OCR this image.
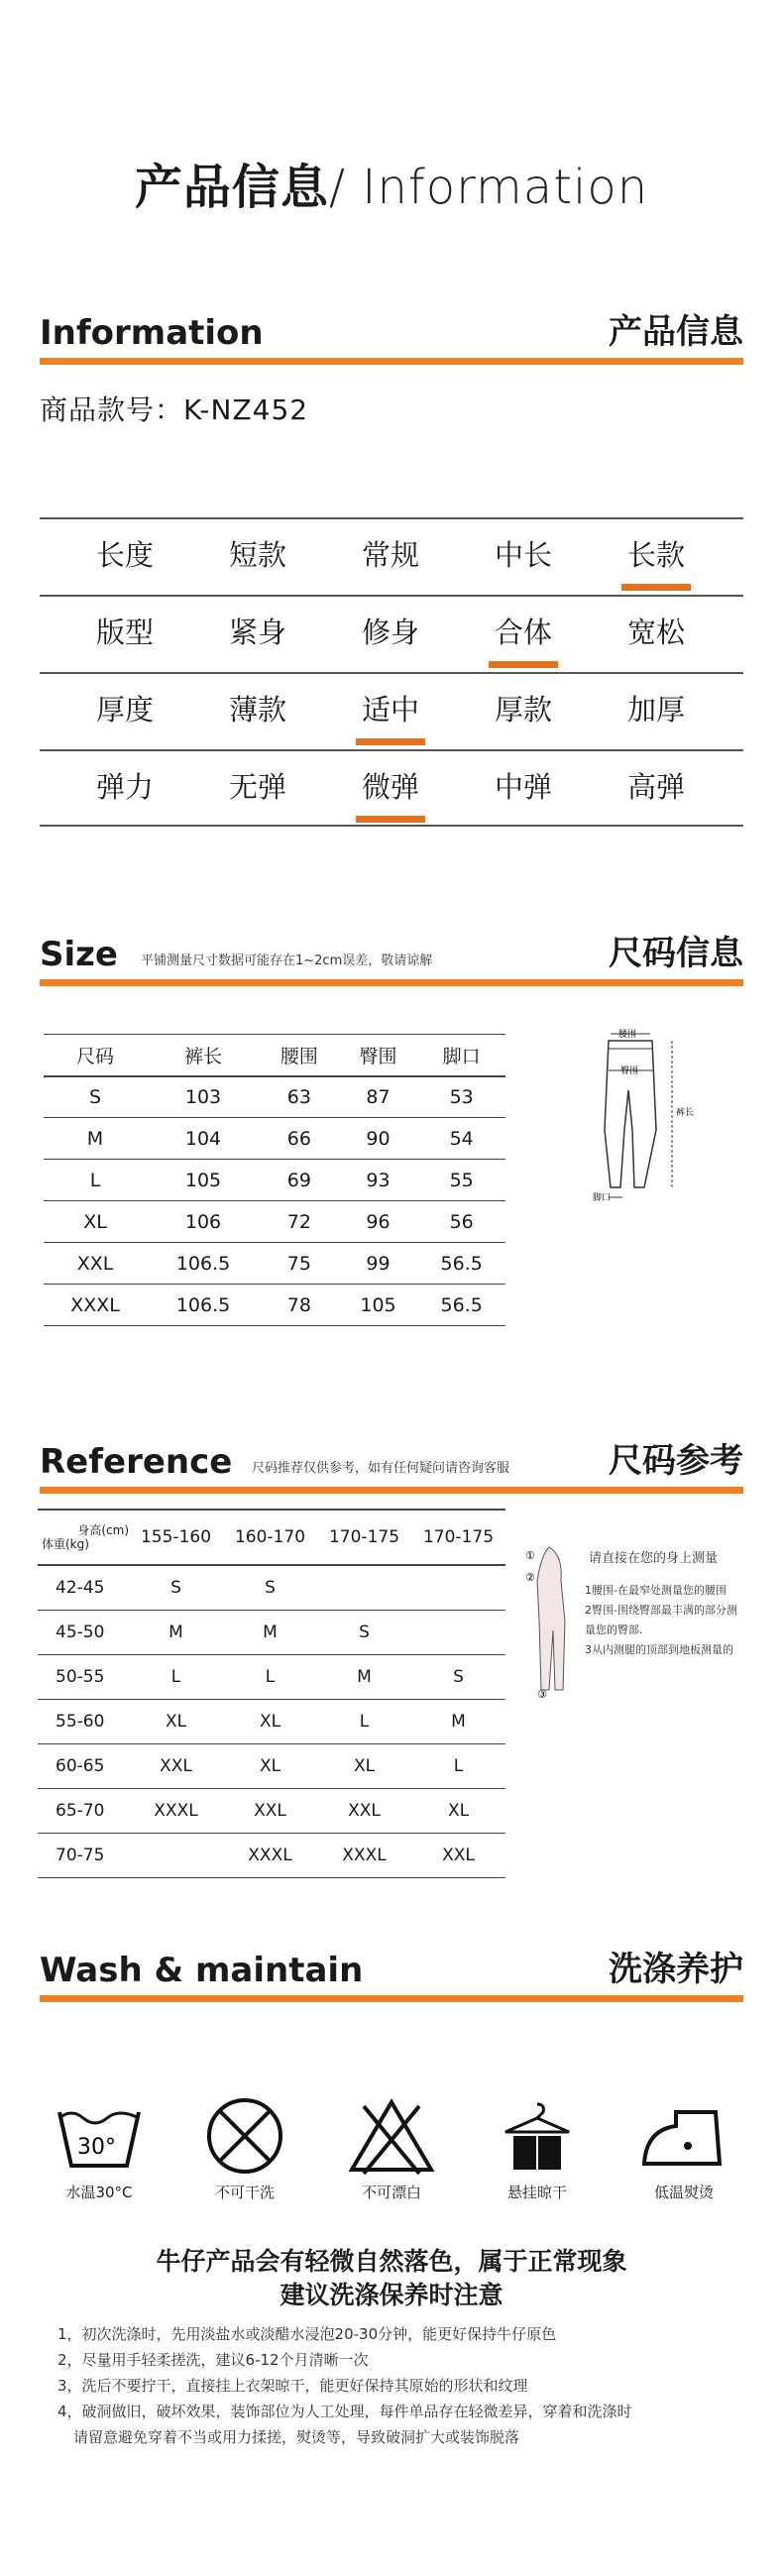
产品信息/ Information
Information	产品信息
商品款号：K-NZ452
长度	短款	常规	中长	长款
版型	紧身	修身	合体	宽松
厚度	薄款	适中	厚款	加厚
弹力	无弹	微弹	中弹	高弹
Size 平铺测量尺寸数据可能存在1~2cm误差，敬请谅解	尺码信息
尺码	裤长	腰围	臀围	脚口
S	103	63	87	53
M	104	66	90	54
L	105	69	93	55
XL	106	72	96	56
XXL	106.5	75	99	56.5
XXXL	106.5	78	105	56.5
腰围
臀围
裤长
脚口
Reference 尺码推荐仅供参考，如有任何疑问请咨询客服	尺码参考
身高(cm)
体重(kg)	155-160	160-170	170-175	170-175
42-45	S	S		
45-50	M	M	S	
50-55	L	L	M	S
55-60	XL	XL	L	M
60-65	XXL	XL	XL	L
65-70	XXXL	XXL	XXL	XL
70-75		XXXL	XXXL	XXL
①
②
③
请直接在您的身上测量
1腰围-在最窄处测量您的腰围
2臀围-围绕臀部最丰满的部分测量您的臀部.
3从内测腿的顶部到地板测量的
Wash & maintain	洗涤养护
30°
水温30°C	不可干洗	不可漂白	悬挂晾干	低温熨烫
牛仔产品会有轻微自然落色，属于正常现象
建议洗涤保养时注意
1，初次洗涤时，先用淡盐水或淡醋水浸泡20-30分钟，能更好保持牛仔原色
2，尽量用手轻柔搓洗，建议6-12个月清晰一次
3，洗后不要拧干，直接挂上衣架晾干，能更好保持其原始的形状和纹理
4，破洞做旧，破坏效果，装饰部位为人工处理，每件单品存在轻微差异，穿着和洗涤时
请留意避免穿着不当或用力揉搓，熨烫等，导致破洞扩大或装饰脱落
